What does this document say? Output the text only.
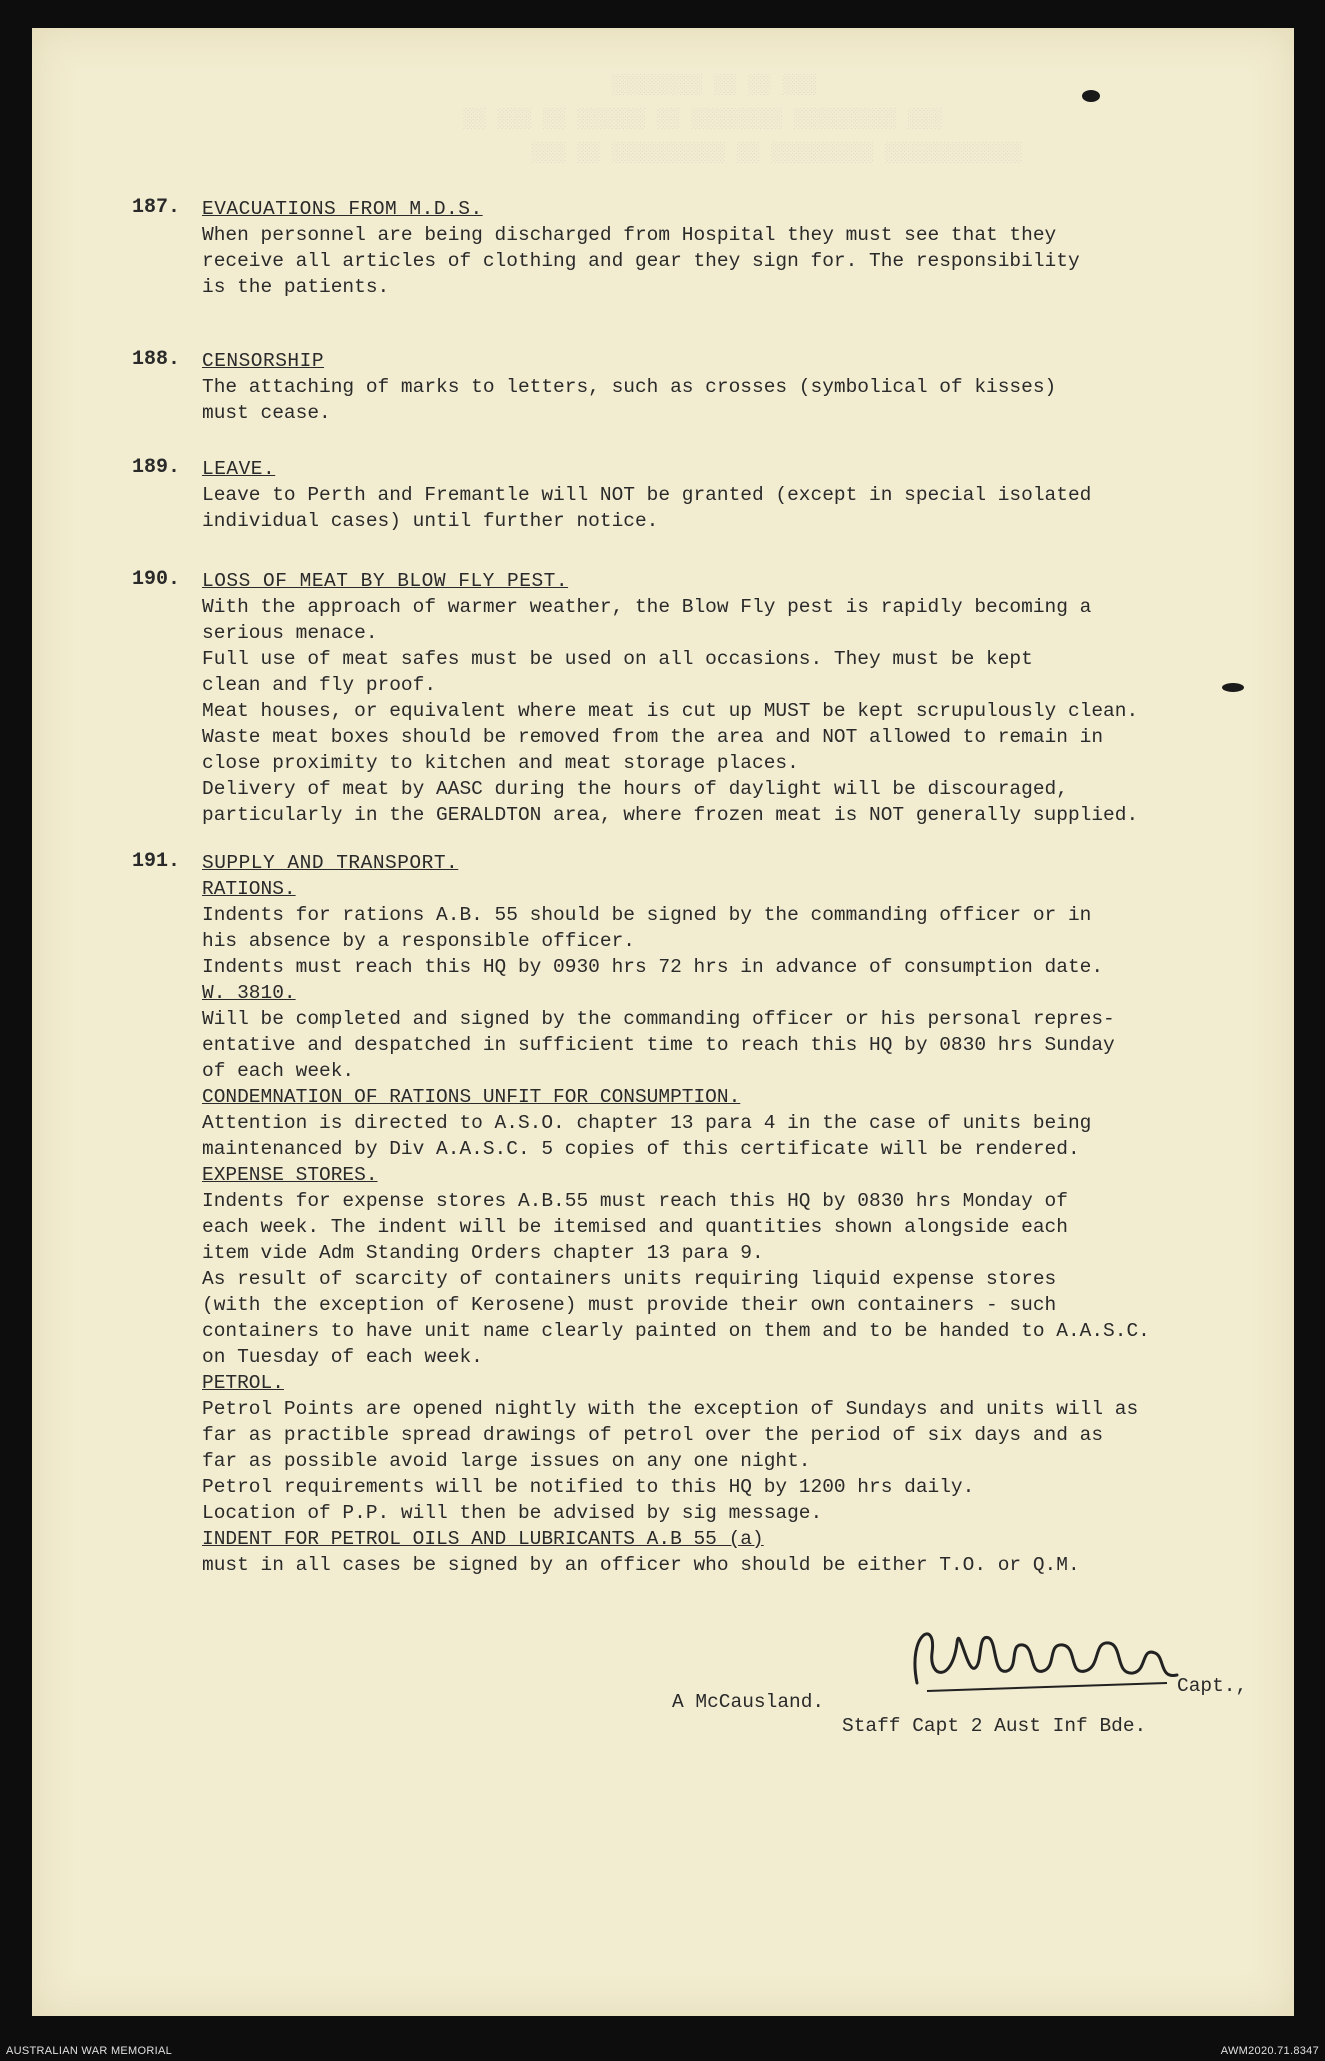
░░░ ░░ ░░ ░░░░░░░░
░░░ ░░░░░░░░░ ░░░░░░░░ ░░ ░░░░░░ ░░ ░░░ ░░
░░░░░░░░░░░░ ░░░░░░░░░ ░░ ░░░░░░░░░░ ░░ ░░░
187. EVACUATIONS FROM M.D.S.
When personnel are being discharged from Hospital they must see that they
receive all articles of clothing and gear they sign for. The responsibility
is the patients.
188. CENSORSHIP
The attaching of marks to letters, such as crosses (symbolical of kisses)
must cease.
189. LEAVE.
Leave to Perth and Fremantle will NOT be granted (except in special isolated
individual cases) until further notice.
190. LOSS OF MEAT BY BLOW FLY PEST.
With the approach of warmer weather, the Blow Fly pest is rapidly becoming a
serious menace.
Full use of meat safes must be used on all occasions. They must be kept
clean and fly proof.
Meat houses, or equivalent where meat is cut up MUST be kept scrupulously clean.
Waste meat boxes should be removed from the area and NOT allowed to remain in
close proximity to kitchen and meat storage places.
Delivery of meat by AASC during the hours of daylight will be discouraged,
particularly in the GERALDTON area, where frozen meat is NOT generally supplied.
191. SUPPLY AND TRANSPORT.
RATIONS.
Indents for rations A.B. 55 should be signed by the commanding officer or in
his absence by a responsible officer.
Indents must reach this HQ by 0930 hrs 72 hrs in advance of consumption date.
W. 3810.
Will be completed and signed by the commanding officer or his personal repres-
entative and despatched in sufficient time to reach this HQ by 0830 hrs Sunday
of each week.
CONDEMNATION OF RATIONS UNFIT FOR CONSUMPTION.
Attention is directed to A.S.O. chapter 13 para 4 in the case of units being
maintenanced by Div A.A.S.C. 5 copies of this certificate will be rendered.
EXPENSE STORES.
Indents for expense stores A.B.55 must reach this HQ by 0830 hrs Monday of
each week. The indent will be itemised and quantities shown alongside each
item vide Adm Standing Orders chapter 13 para 9.
As result of scarcity of containers units requiring liquid expense stores
(with the exception of Kerosene) must provide their own containers - such
containers to have unit name clearly painted on them and to be handed to A.A.S.C.
on Tuesday of each week.
PETROL.
Petrol Points are opened nightly with the exception of Sundays and units will as
far as practible spread drawings of petrol over the period of six days and as
far as possible avoid large issues on any one night.
Petrol requirements will be notified to this HQ by 1200 hrs daily.
Location of P.P. will then be advised by sig message.
INDENT FOR PETROL OILS AND LUBRICANTS A.B 55 (a)
must in all cases be signed by an officer who should be either T.O. or Q.M.
A McCausland.
Capt.,
Staff Capt 2 Aust Inf Bde.
AUSTRALIAN WAR MEMORIAL	AWM2020.71.8347
